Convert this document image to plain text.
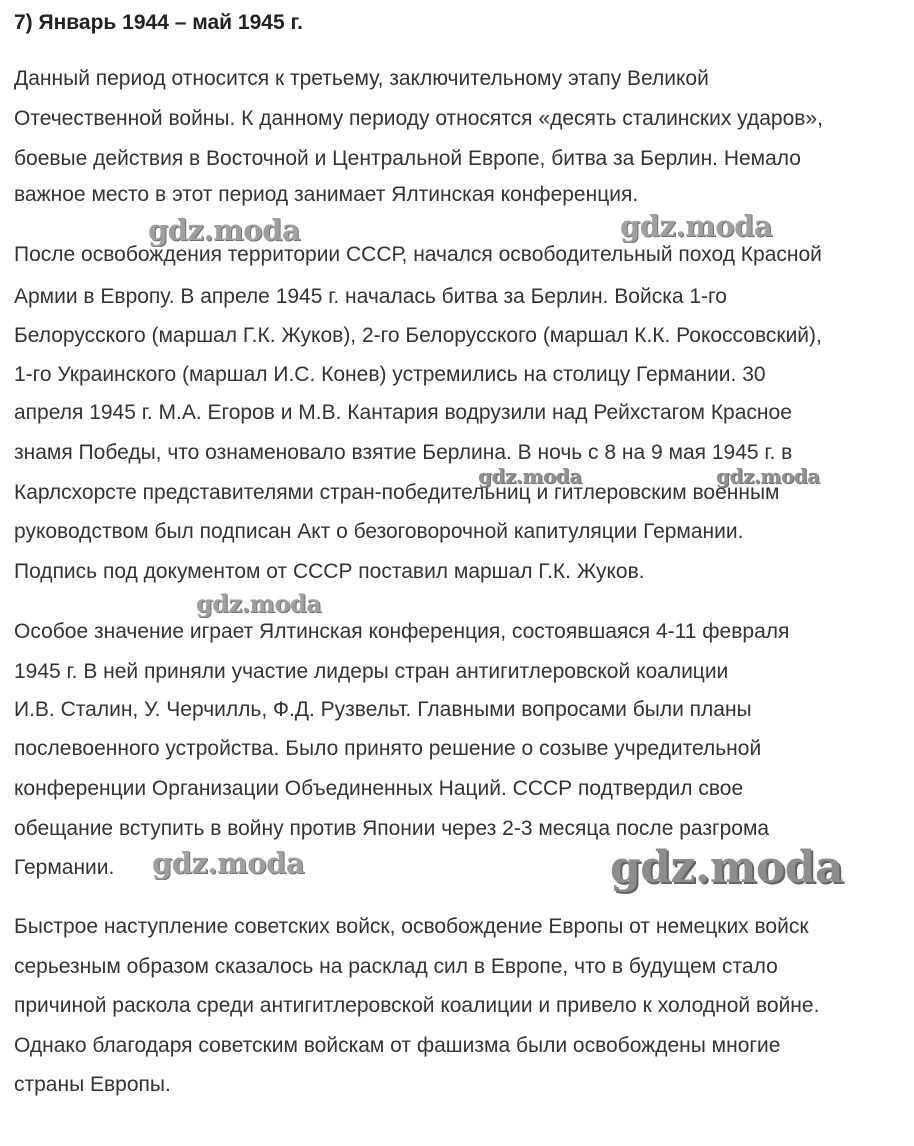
7) Январь 1944 – май 1945 г.
Данный период относится к третьему, заключительному этапу Великой
Отечественной войны. К данному периоду относятся «десять сталинских ударов»,
боевые действия в Восточной и Центральной Европе, битва за Берлин. Немало
важное место в этот период занимает Ялтинская конференция.
После освобождения территории СССР, начался освободительный поход Красной
Армии в Европу. В апреле 1945 г. началась битва за Берлин. Войска 1-го
Белорусского (маршал Г.К. Жуков), 2-го Белорусского (маршал К.К. Рокоссовский),
1-го Украинского (маршал И.С. Конев) устремились на столицу Германии. 30
апреля 1945 г. М.А. Егоров и М.В. Кантария водрузили над Рейхстагом Красное
знамя Победы, что ознаменовало взятие Берлина. В ночь с 8 на 9 мая 1945 г. в
Карлсхорсте представителями стран-победительниц и гитлеровским военным
руководством был подписан Акт о безоговорочной капитуляции Германии.
Подпись под документом от СССР поставил маршал Г.К. Жуков.
Особое значение играет Ялтинская конференция, состоявшаяся 4-11 февраля
1945 г. В ней приняли участие лидеры стран антигитлеровской коалиции
И.В. Сталин, У. Черчилль, Ф.Д. Рузвельт. Главными вопросами были планы
послевоенного устройства. Было принято решение о созыве учредительной
конференции Организации Объединенных Наций. СССР подтвердил свое
обещание вступить в войну против Японии через 2-3 месяца после разгрома
Германии.
Быстрое наступление советских войск, освобождение Европы от немецких войск
серьезным образом сказалось на расклад сил в Европе, что в будущем стало
причиной раскола среди антигитлеровской коалиции и привело к холодной войне.
Однако благодаря советским войскам от фашизма были освобождены многие
страны Европы.
gdz.moda	gdz.moda
gdz.moda	gdz.moda
gdz.moda
gdz.moda	gdz.moda
